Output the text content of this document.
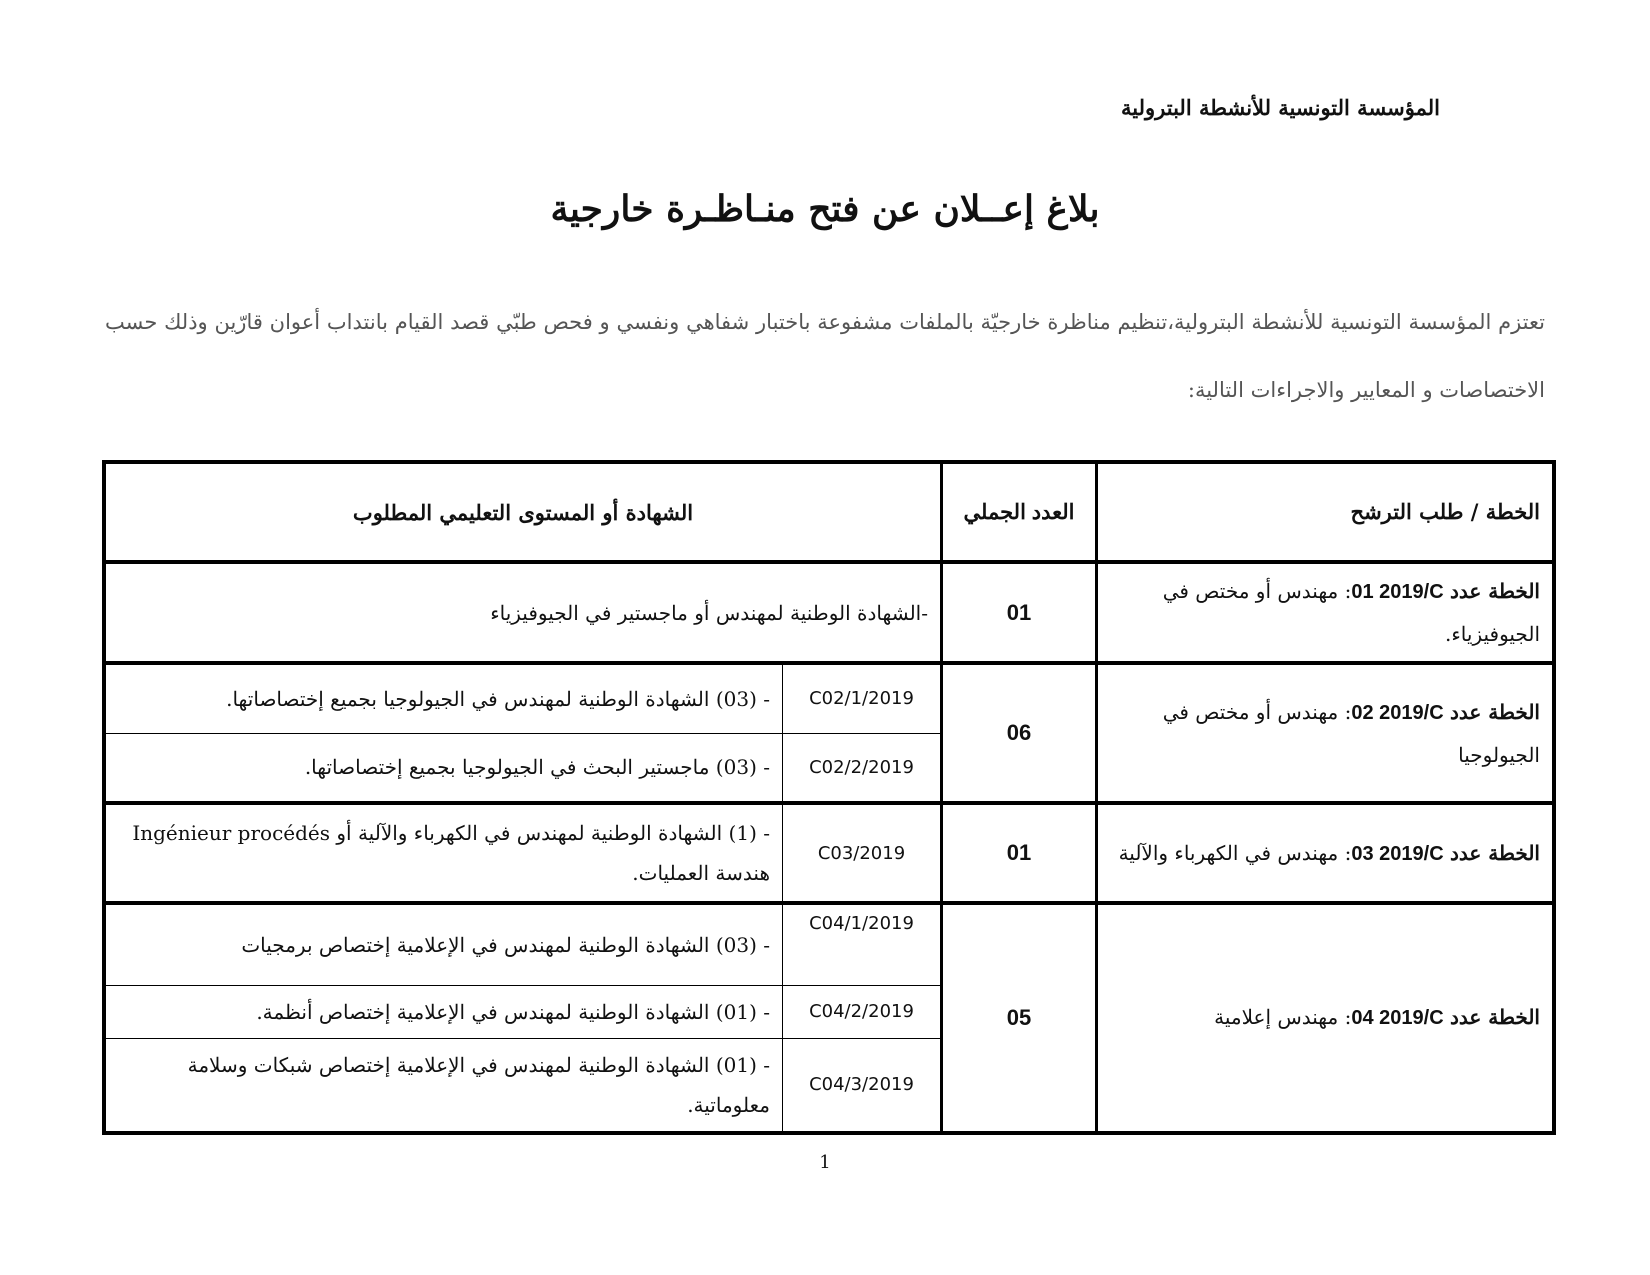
المؤسسة التونسية للأنشطة البترولية
بلاغ إعــلان عن فتح منـاظـرة خارجية
تعتزم المؤسسة التونسية للأنشطة البترولية،تنظيم مناظرة خارجيّة بالملفات مشفوعة باختبار شفاهي ونفسي و فحص طبّي قصد القيام بانتداب أعوان قارّين وذلك حسب الاختصاصات و المعايير والاجراءات التالية:
الخطة / طلب الترشح	العدد الجملي	الشهادة أو المستوى التعليمي المطلوب	
الخطة عدد 01 2019/C: مهندس أو مختص في الجيوفيزياء.	01	-الشهادة الوطنية لمهندس أو ماجستير في الجيوفيزياء	
الخطة عدد 02 2019/C: مهندس أو مختص في الجيولوجيا	06	C02/1/2019	- (03) الشهادة الوطنية لمهندس في الجيولوجيا بجميع إختصاصاتها.
		C02/2/2019	- (03) ماجستير البحث في الجيولوجيا بجميع إختصاصاتها.
الخطة عدد 03 2019/C: مهندس في الكهرباء والآلية	01	C03/2019	- (1) الشهادة الوطنية لمهندس في الكهرباء والآلية أو Ingénieur procédés هندسة العمليات.
الخطة عدد 04 2019/C: مهندس إعلامية	05	C04/1/2019	- (03) الشهادة الوطنية لمهندس في الإعلامية إختصاص برمجيات
		C04/2/2019	- (01) الشهادة الوطنية لمهندس في الإعلامية إختصاص أنظمة.
		C04/3/2019	- (01) الشهادة الوطنية لمهندس في الإعلامية إختصاص شبكات وسلامة معلوماتية.
1
